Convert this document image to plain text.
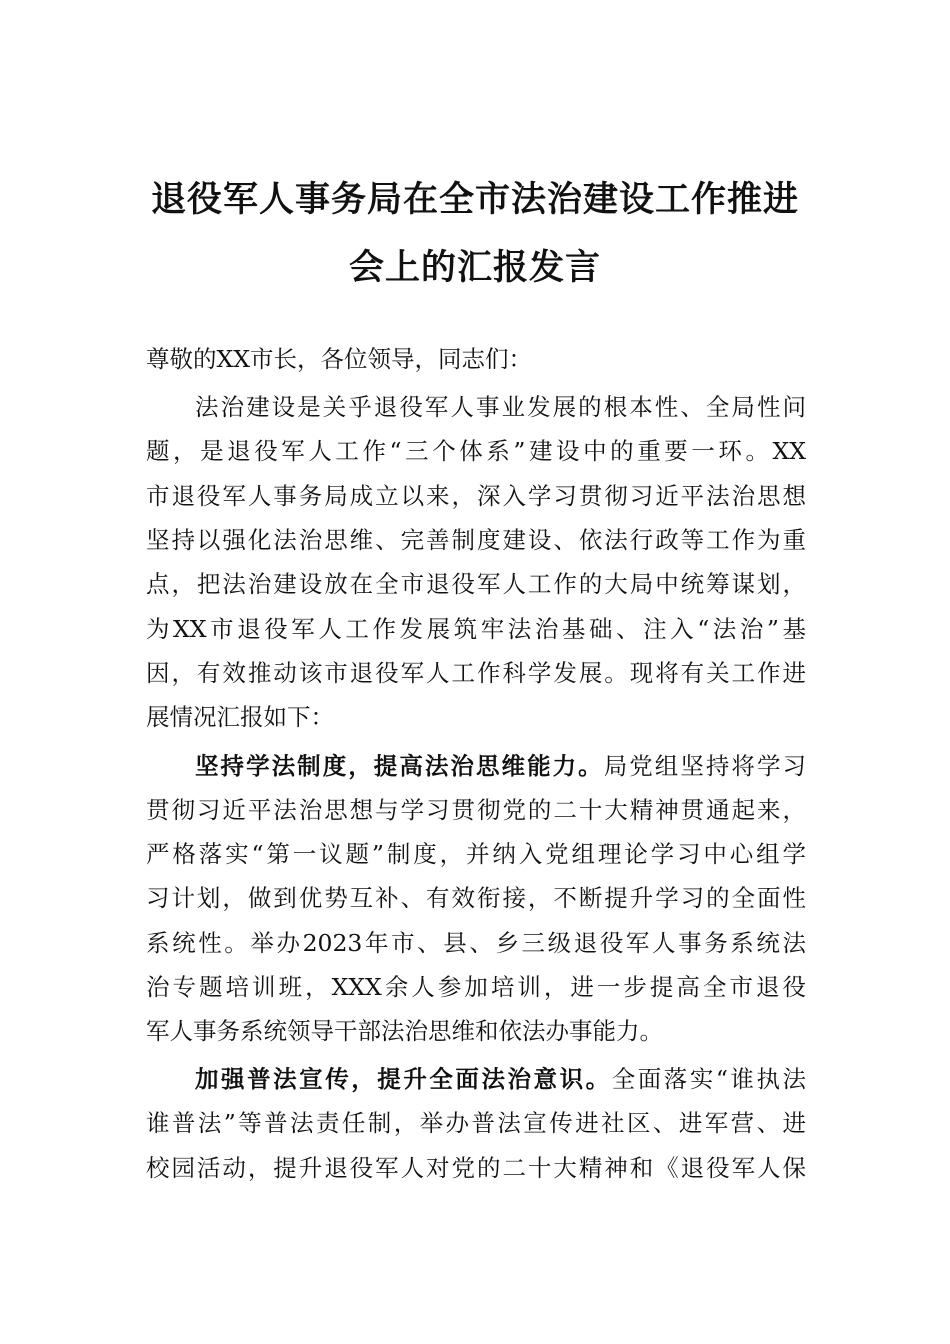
退役军人事务局在全市法治建设工作推进
会上的汇报发言
尊敬的XX市长，各位领导，同志们：
法治建设是关乎退役军人事业发展的根本性、全局性问
题，是退役军人工作“三个体系”建设中的重要一环。XX
市退役军人事务局成立以来，深入学习贯彻习近平法治思想
坚持以强化法治思维、完善制度建设、依法行政等工作为重
点，把法治建设放在全市退役军人工作的大局中统筹谋划，
为XX市退役军人工作发展筑牢法治基础、注入“法治”基
因，有效推动该市退役军人工作科学发展。现将有关工作进
展情况汇报如下：
坚持学法制度，提高法治思维能力。局党组坚持将学习
贯彻习近平法治思想与学习贯彻党的二十大精神贯通起来，
严格落实“第一议题”制度，并纳入党组理论学习中心组学
习计划，做到优势互补、有效衔接，不断提升学习的全面性
系统性。举办2023年市、县、乡三级退役军人事务系统法
治专题培训班，XXX余人参加培训，进一步提高全市退役
军人事务系统领导干部法治思维和依法办事能力。
加强普法宣传，提升全面法治意识。全面落实“谁执法
谁普法”等普法责任制，举办普法宣传进社区、进军营、进
校园活动，提升退役军人对党的二十大精神和《退役军人保
